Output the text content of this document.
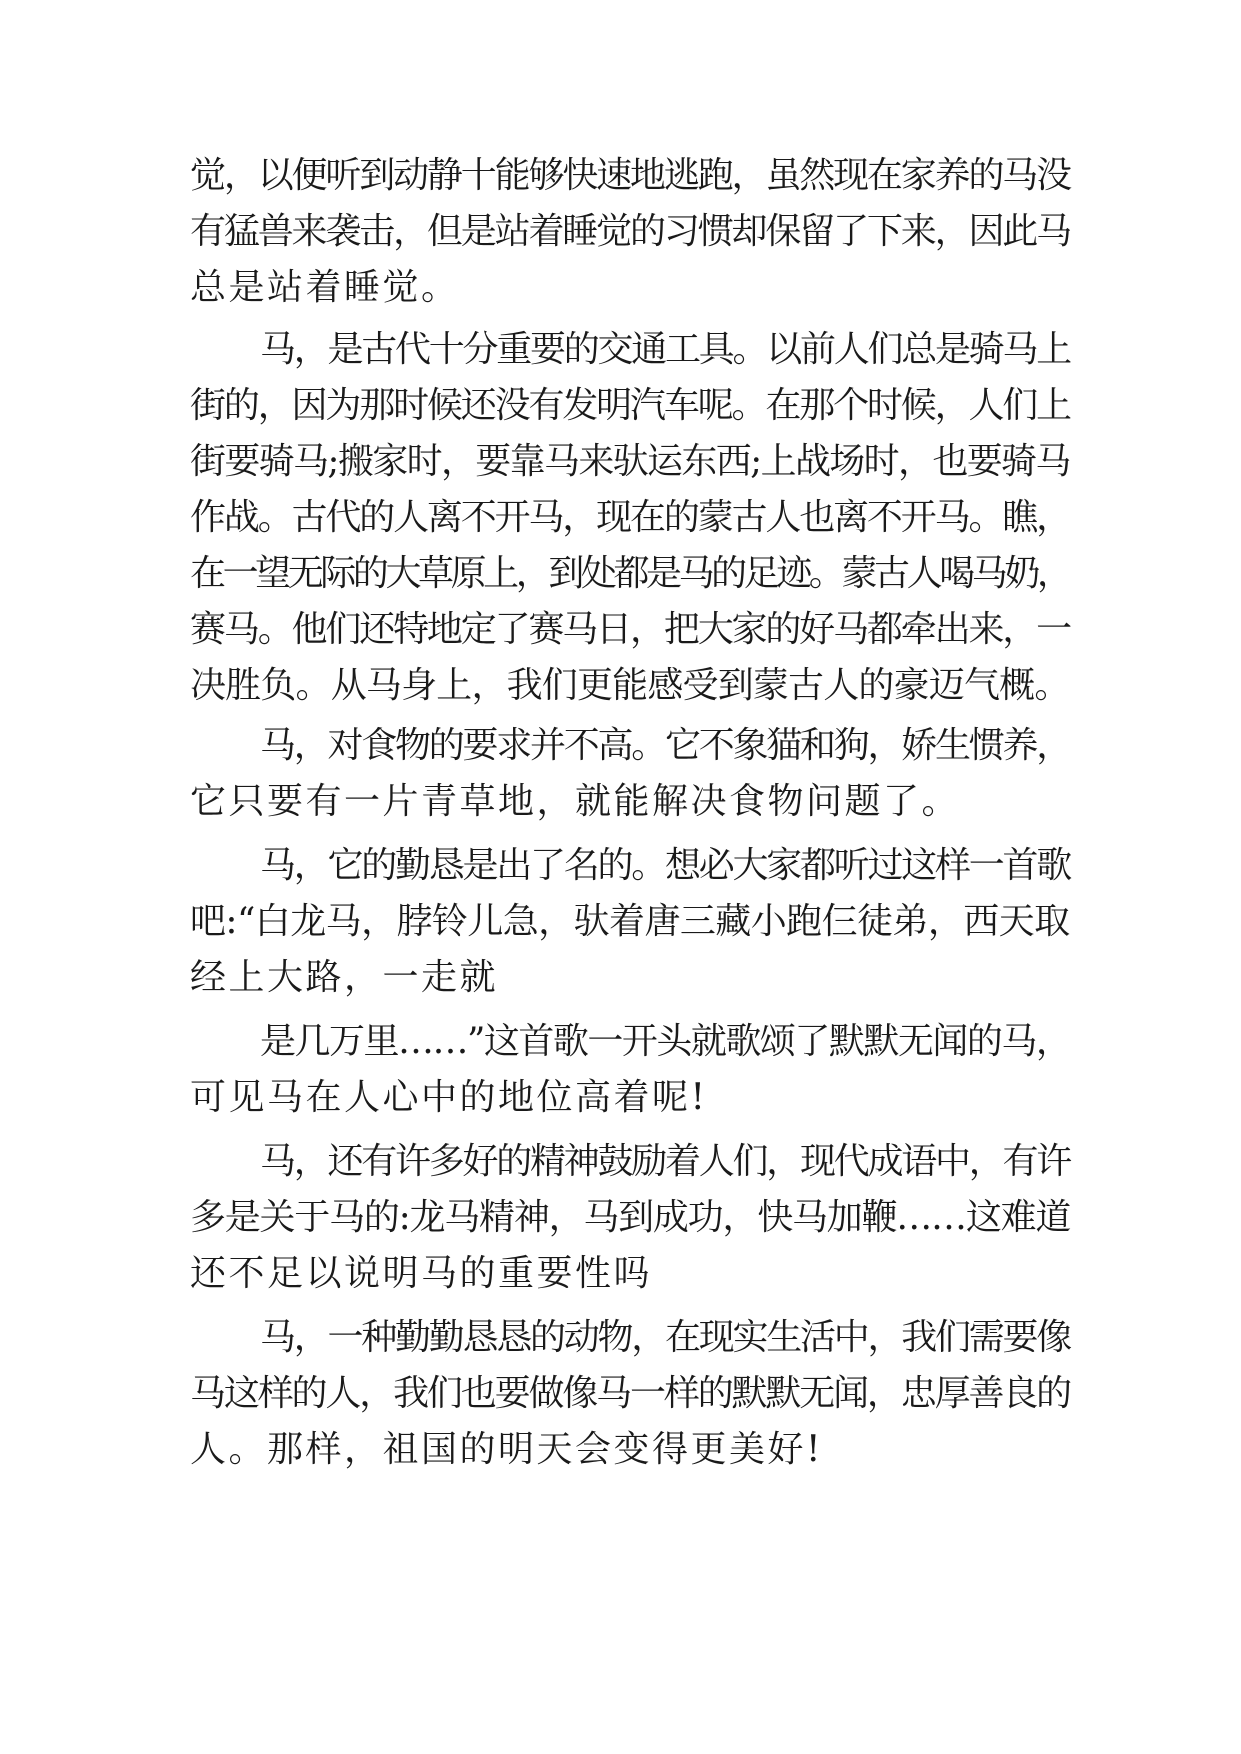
觉，以便听到动静十能够快速地逃跑，虽然现在家养的马没
有猛兽来袭击，但是站着睡觉的习惯却保留了下来，因此马
总是站着睡觉。
马，是古代十分重要的交通工具。以前人们总是骑马上
街的，因为那时候还没有发明汽车呢。在那个时候，人们上
街要骑马;搬家时，要靠马来驮运东西;上战场时，也要骑马
作战。古代的人离不开马，现在的蒙古人也离不开马。瞧，
在一望无际的大草原上，到处都是马的足迹。蒙古人喝马奶，
赛马。他们还特地定了赛马日，把大家的好马都牵出来，一
决胜负。从马身上，我们更能感受到蒙古人的豪迈气概。
马，对食物的要求并不高。它不象猫和狗，娇生惯养，
它只要有一片青草地，就能解决食物问题了。
马，它的勤恳是出了名的。想必大家都听过这样一首歌
吧:“白龙马，脖铃儿急，驮着唐三藏小跑仨徒弟，西天取
经上大路，一走就
是几万里……”这首歌一开头就歌颂了默默无闻的马，
可见马在人心中的地位高着呢!
马，还有许多好的精神鼓励着人们，现代成语中，有许
多是关于马的:龙马精神，马到成功，快马加鞭……这难道
还不足以说明马的重要性吗
马，一种勤勤恳恳的动物，在现实生活中，我们需要像
马这样的人，我们也要做像马一样的默默无闻，忠厚善良的
人。那样，祖国的明天会变得更美好!
